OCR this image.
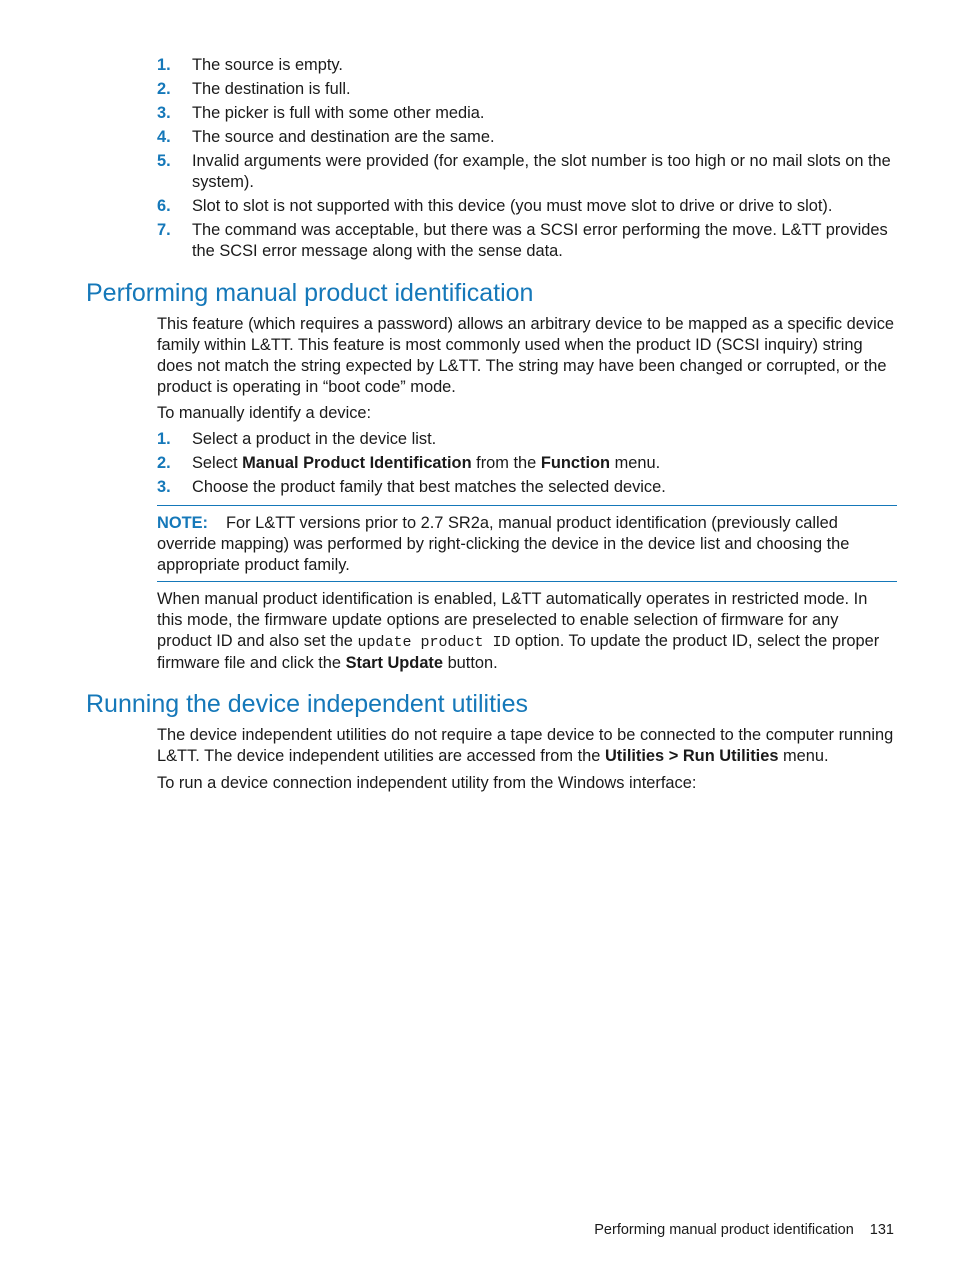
1. The source is empty.
2. The destination is full.
3. The picker is full with some other media.
4. The source and destination are the same.
5. Invalid arguments were provided (for example, the slot number is too high or no mail slots on the system).
6. Slot to slot is not supported with this device (you must move slot to drive or drive to slot).
7. The command was acceptable, but there was a SCSI error performing the move. L&TT provides the SCSI error message along with the sense data.
Performing manual product identification

This feature (which requires a password) allows an arbitrary device to be mapped as a specific device family within L&TT. This feature is most commonly used when the product ID (SCSI inquiry) string does not match the string expected by L&TT. The string may have been changed or corrupted, or the product is operating in “boot code” mode.

To manually identify a device:

1. Select a product in the device list.
2. Select Manual Product Identification from the Function menu.
3. Choose the product family that best matches the selected device.
NOTE: For L&TT versions prior to 2.7 SR2a, manual product identification (previously called override mapping) was performed by right-clicking the device in the device list and choosing the appropriate product family.

When manual product identification is enabled, L&TT automatically operates in restricted mode. In this mode, the firmware update options are preselected to enable selection of firmware for any product ID and also set the update product ID option. To update the product ID, select the proper firmware file and click the Start Update button.

Running the device independent utilities

The device independent utilities do not require a tape device to be connected to the computer running L&TT. The device independent utilities are accessed from the Utilities > Run Utilities menu.

To run a device connection independent utility from the Windows interface:

Performing manual product identification 131
